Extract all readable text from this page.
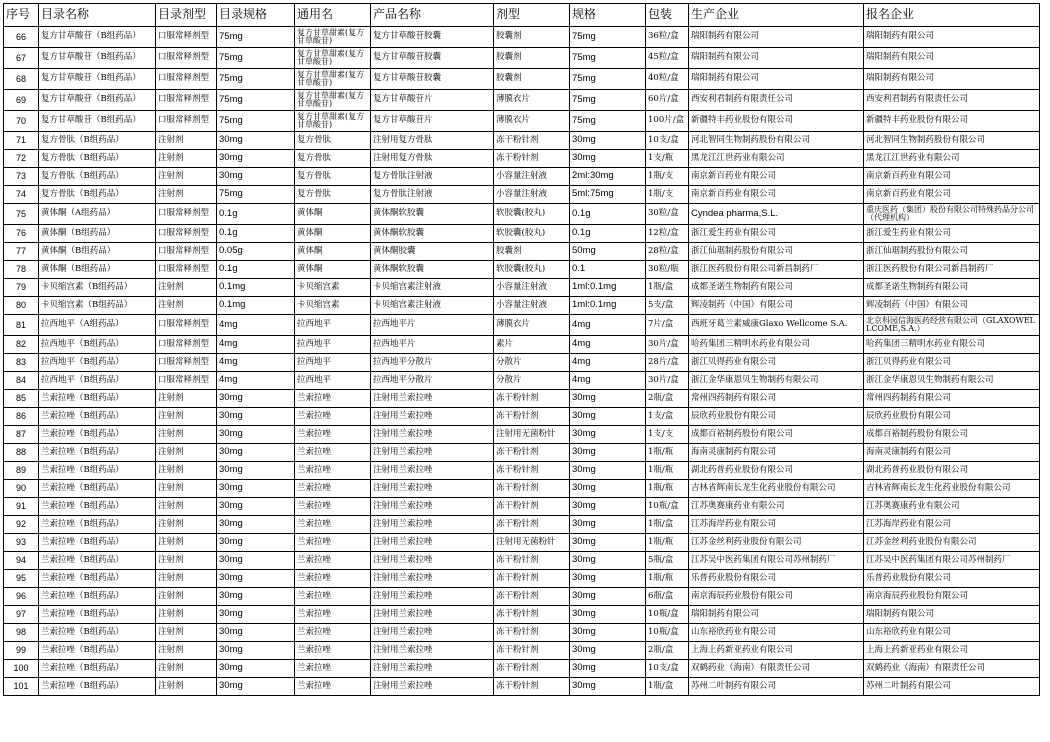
序号	目录名称	目录剂型	目录规格	通用名	产品名称	剂型	规格	包装	生产企业	报名企业
66	复方甘草酸苷（B组药品）	口服常释剂型	75mg	复方甘草甜素(复方甘草酸苷)	复方甘草酸苷胶囊	胶囊剂	75mg	36粒/盒	瑞阳制药有限公司	瑞阳制药有限公司
67	复方甘草酸苷（B组药品）	口服常释剂型	75mg	复方甘草甜素(复方甘草酸苷)	复方甘草酸苷胶囊	胶囊剂	75mg	45粒/盒	瑞阳制药有限公司	瑞阳制药有限公司
68	复方甘草酸苷（B组药品）	口服常释剂型	75mg	复方甘草甜素(复方甘草酸苷)	复方甘草酸苷胶囊	胶囊剂	75mg	40粒/盒	瑞阳制药有限公司	瑞阳制药有限公司
69	复方甘草酸苷（B组药品）	口服常释剂型	75mg	复方甘草甜素(复方甘草酸苷)	复方甘草酸苷片	薄膜衣片	75mg	60片/盒	西安利君制药有限责任公司	西安利君制药有限责任公司
70	复方甘草酸苷（B组药品）	口服常释剂型	75mg	复方甘草甜素(复方甘草酸苷)	复方甘草酸苷片	薄膜衣片	75mg	100片/盒	新疆特丰药业股份有限公司	新疆特丰药业股份有限公司
71	复方骨肽（B组药品）	注射剂	30mg	复方骨肽	注射用复方骨肽	冻干粉针剂	30mg	10支/盒	河北智同生物制药股份有限公司	河北智同生物制药股份有限公司
72	复方骨肽（B组药品）	注射剂	30mg	复方骨肽	注射用复方骨肽	冻干粉针剂	30mg	1支/瓶	黑龙江江世药业有限公司	黑龙江江世药业有限公司
73	复方骨肽（B组药品）	注射剂	30mg	复方骨肽	复方骨肽注射液	小容量注射液	2ml:30mg	1瓶/支	南京新百药业有限公司	南京新百药业有限公司
74	复方骨肽（B组药品）	注射剂	75mg	复方骨肽	复方骨肽注射液	小容量注射液	5ml:75mg	1瓶/支	南京新百药业有限公司	南京新百药业有限公司
75	黄体酮（A组药品）	口服常释剂型	0.1g	黄体酮	黄体酮软胶囊	软胶囊(胶丸)	0.1g	30粒/盒	Cyndea pharma,S.L.	重庆医药（集团）股份有限公司特殊药品分公司（代理机构）
76	黄体酮（B组药品）	口服常释剂型	0.1g	黄体酮	黄体酮软胶囊	软胶囊(胶丸)	0.1g	12粒/盒	浙江爱生药业有限公司	浙江爱生药业有限公司
77	黄体酮（B组药品）	口服常释剂型	0.05g	黄体酮	黄体酮胶囊	胶囊剂	50mg	28粒/盒	浙江仙琚制药股份有限公司	浙江仙琚制药股份有限公司
78	黄体酮（B组药品）	口服常释剂型	0.1g	黄体酮	黄体酮软胶囊	软胶囊(胶丸)	0.1	30粒/瓶	浙江医药股份有限公司新昌制药厂	浙江医药股份有限公司新昌制药厂
79	卡贝缩宫素（B组药品）	注射剂	0.1mg	卡贝缩宫素	卡贝缩宫素注射液	小容量注射液	1ml:0.1mg	1瓶/盒	成都圣诺生物制药有限公司	成都圣诺生物制药有限公司
80	卡贝缩宫素（B组药品）	注射剂	0.1mg	卡贝缩宫素	卡贝缩宫素注射液	小容量注射液	1ml:0.1mg	5支/盒	辉凌制药（中国）有限公司	辉凌制药（中国）有限公司
81	拉西地平（A组药品）	口服常释剂型	4mg	拉西地平	拉西地平片	薄膜衣片	4mg	7片/盒	西班牙葛兰素威康Glaxo Wellcome S.A.	北京科园信海医药经营有限公司（GLAXOWELLCOME,S.A.）
82	拉西地平（B组药品）	口服常释剂型	4mg	拉西地平	拉西地平片	素片	4mg	30片/盒	哈药集团三精明水药业有限公司	哈药集团三精明水药业有限公司
83	拉西地平（B组药品）	口服常释剂型	4mg	拉西地平	拉西地平分散片	分散片	4mg	28片/盒	浙江贝得药业有限公司	浙江贝得药业有限公司
84	拉西地平（B组药品）	口服常释剂型	4mg	拉西地平	拉西地平分散片	分散片	4mg	30片/盒	浙江金华康恩贝生物制药有限公司	浙江金华康恩贝生物制药有限公司
85	兰索拉唑（B组药品）	注射剂	30mg	兰索拉唑	注射用兰索拉唑	冻干粉针剂	30mg	2瓶/盒	常州四药制药有限公司	常州四药制药有限公司
86	兰索拉唑（B组药品）	注射剂	30mg	兰索拉唑	注射用兰索拉唑	冻干粉针剂	30mg	1支/盒	辰欣药业股份有限公司	辰欣药业股份有限公司
87	兰索拉唑（B组药品）	注射剂	30mg	兰索拉唑	注射用兰索拉唑	注射用无菌粉针	30mg	1支/支	成都百裕制药股份有限公司	成都百裕制药股份有限公司
88	兰索拉唑（B组药品）	注射剂	30mg	兰索拉唑	注射用兰索拉唑	冻干粉针剂	30mg	1瓶/瓶	海南灵康制药有限公司	海南灵康制药有限公司
89	兰索拉唑（B组药品）	注射剂	30mg	兰索拉唑	注射用兰索拉唑	冻干粉针剂	30mg	1瓶/瓶	湖北药普药业股份有限公司	湖北药普药业股份有限公司
90	兰索拉唑（B组药品）	注射剂	30mg	兰索拉唑	注射用兰索拉唑	冻干粉针剂	30mg	1瓶/瓶	吉林省辉南长龙生化药业股份有限公司	吉林省辉南长龙生化药业股份有限公司
91	兰索拉唑（B组药品）	注射剂	30mg	兰索拉唑	注射用兰索拉唑	冻干粉针剂	30mg	10瓶/盒	江苏奥赛康药业有限公司	江苏奥赛康药业有限公司
92	兰索拉唑（B组药品）	注射剂	30mg	兰索拉唑	注射用兰索拉唑	冻干粉针剂	30mg	1瓶/盒	江苏海岸药业有限公司	江苏海岸药业有限公司
93	兰索拉唑（B组药品）	注射剂	30mg	兰索拉唑	注射用兰索拉唑	注射用无菌粉针	30mg	1瓶/瓶	江苏金丝利药业股份有限公司	江苏金丝利药业股份有限公司
94	兰索拉唑（B组药品）	注射剂	30mg	兰索拉唑	注射用兰索拉唑	冻干粉针剂	30mg	5瓶/盒	江苏吴中医药集团有限公司苏州制药厂	江苏吴中医药集团有限公司苏州制药厂
95	兰索拉唑（B组药品）	注射剂	30mg	兰索拉唑	注射用兰索拉唑	冻干粉针剂	30mg	1瓶/瓶	乐普药业股份有限公司	乐普药业股份有限公司
96	兰索拉唑（B组药品）	注射剂	30mg	兰索拉唑	注射用兰索拉唑	冻干粉针剂	30mg	6瓶/盒	南京海辰药业股份有限公司	南京海辰药业股份有限公司
97	兰索拉唑（B组药品）	注射剂	30mg	兰索拉唑	注射用兰索拉唑	冻干粉针剂	30mg	10瓶/盒	瑞阳制药有限公司	瑞阳制药有限公司
98	兰索拉唑（B组药品）	注射剂	30mg	兰索拉唑	注射用兰索拉唑	冻干粉针剂	30mg	10瓶/盒	山东裕欣药业有限公司	山东裕欣药业有限公司
99	兰索拉唑（B组药品）	注射剂	30mg	兰索拉唑	注射用兰索拉唑	冻干粉针剂	30mg	2瓶/盒	上海上药新亚药业有限公司	上海上药新亚药业有限公司
100	兰索拉唑（B组药品）	注射剂	30mg	兰索拉唑	注射用兰索拉唑	冻干粉针剂	30mg	10支/盒	双鹤药业（海南）有限责任公司	双鹤药业（海南）有限责任公司
101	兰索拉唑（B组药品）	注射剂	30mg	兰索拉唑	注射用兰索拉唑	冻干粉针剂	30mg	1瓶/盒	苏州二叶制药有限公司	苏州二叶制药有限公司
